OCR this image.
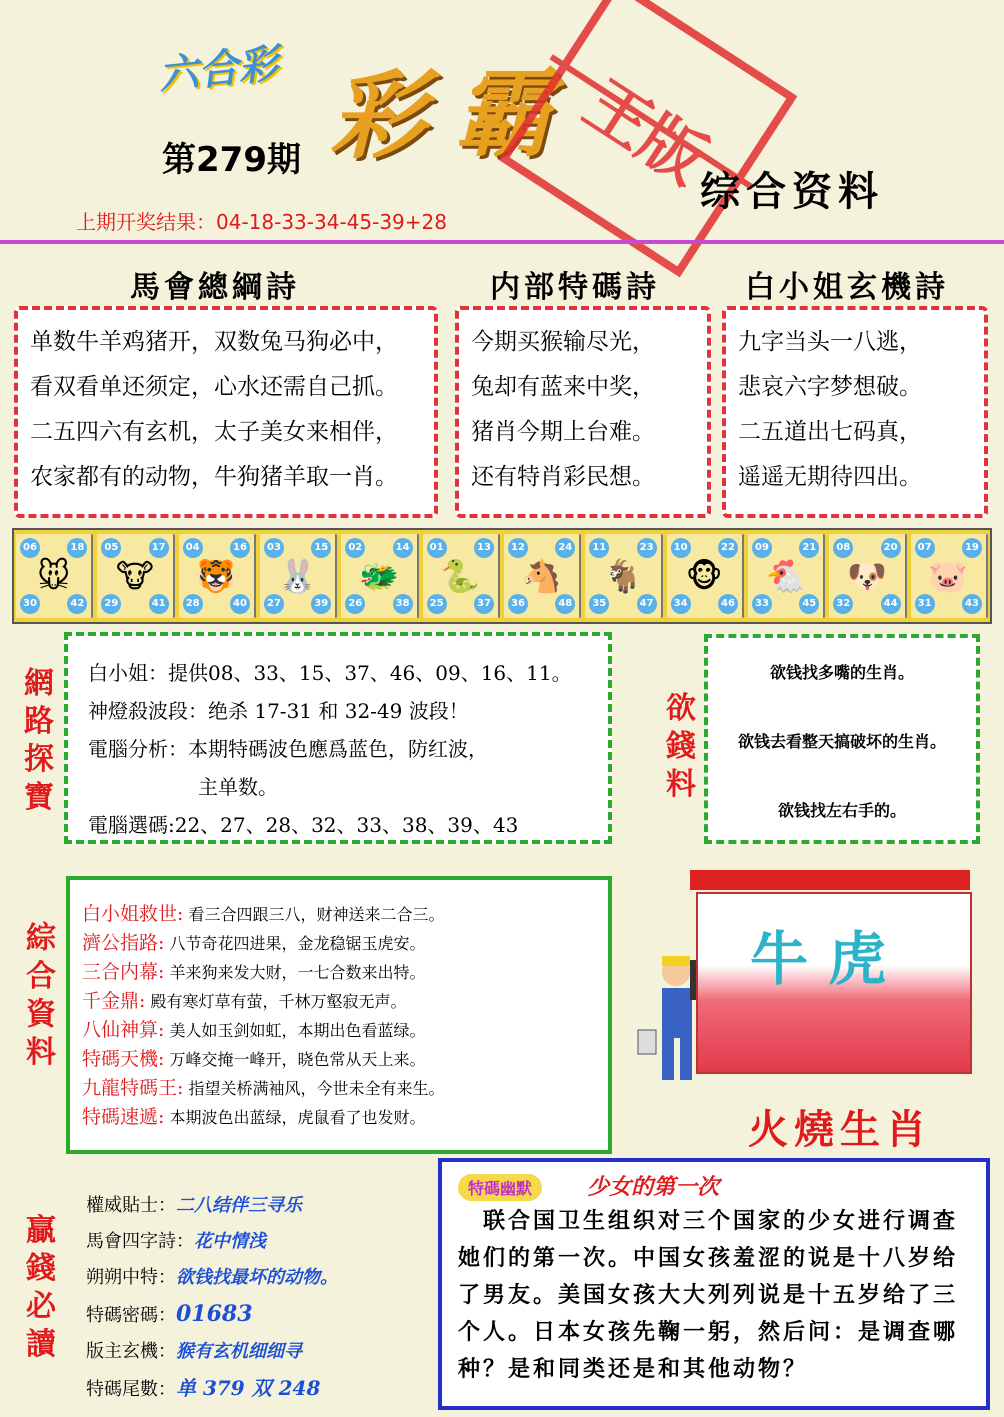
六合彩 彩 霸 王版
第279期
综合资料
上期开奖结果：04-18-33-34-45-39+28
馬會總綱詩	内部特碼詩	白小姐玄機詩
单数牛羊鸡猪开，双数兔马狗必中，
看双看单还须定，心水还需自己抓。
二五四六有玄机，太子美女来相伴，
农家都有的动物，牛狗猪羊取一肖。
今期买猴输尽光，
兔却有蓝来中奖，
猪肖今期上台难。
还有特肖彩民想。
九字当头一八逃，
悲哀六字梦想破。
二五道出七码真，
遥遥无期待四出。
06	18
30	42
🐭
05	17
29	41
🐮
04	16
28	40
🐯
03	15
27	39
🐰
02	14
26	38
🐲
01	13
25	37
🐍
12	24
36	48
🐴
11	23
35	47
🐐
10	22
34	46
🐵
09	21
33	45
🐔
08	20
32	44
🐶
07	19
31	43
🐷
網
路
探
寶
白小姐：提供08、33、15、37、46、09、16、11。
神燈殺波段：绝杀 17-31 和 32-49 波段！
電腦分析：本期特碼波色應爲蓝色，防红波，
主单数。
電腦選碼:22、27、28、32、33、38、39、43
欲
錢
料
欲钱找多嘴的生肖。
欲钱去看整天搞破坏的生肖。
欲钱找左右手的。
綜
合
資
料
白小姐救世: 看三合四跟三八，财神送来二合三。
濟公指路: 八节奇花四进果，金龙稳锯玉虎安。
三合内幕: 羊来狗来发大财，一七合数来出特。
千金鼎: 殿有寒灯草有萤，千林万壑寂无声。
八仙神算: 美人如玉剑如虹，本期出色看蓝绿。
特碼天機: 万峰交掩一峰开，晓色常从天上来。
九龍特碼王: 指望关桥满袖风，今世未全有来生。
特碼速遞: 本期波色出蓝绿，虎鼠看了也发财。
牛虎
火燒生肖
贏
錢
必
讀
權威貼士：二八结伴三寻乐
馬會四字詩：花中情浅
朔朔中特：欲钱找最坏的动物。
特碼密碼：01683
版主玄機：猴有玄机细细寻
特碼尾數：单 379 双 248
特碼幽默	少女的第一次
　联合国卫生组织对三个国家的少女进行调查她们的第一次。中国女孩羞涩的说是十八岁给了男友。美国女孩大大列列说是十五岁给了三个人。日本女孩先鞠一躬，然后问：是调查哪种？是和同类还是和其他动物？
